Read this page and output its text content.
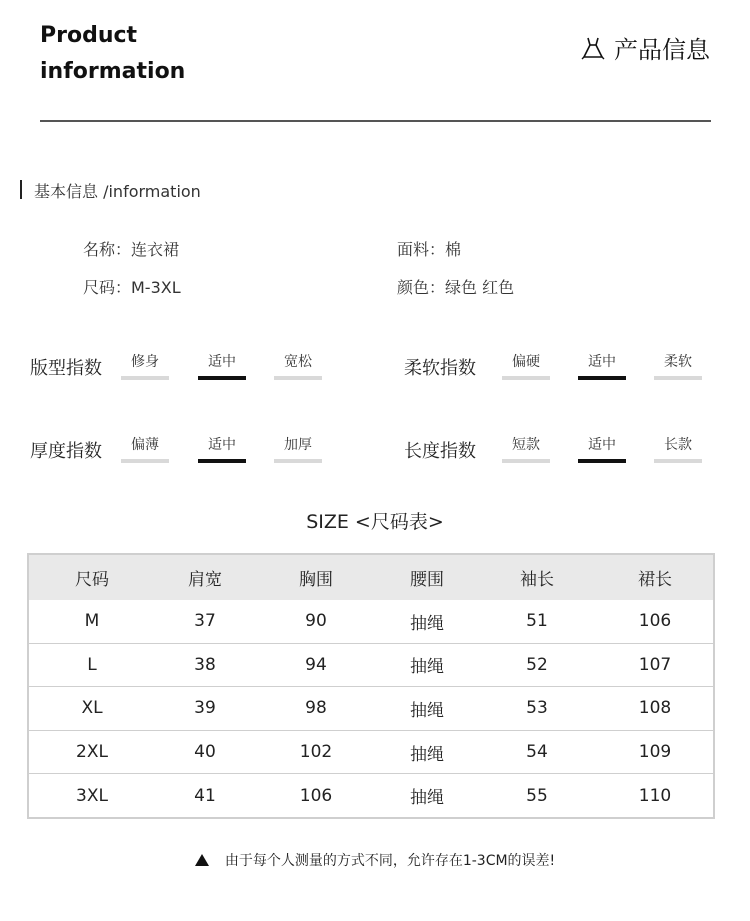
Product information
产品信息
基本信息 /information
名称：连衣裙	面料：棉
尺码：M-3XL	颜色：绿色 红色
版型指数	修身	适中	宽松	柔软指数	偏硬	适中	柔软
厚度指数	偏薄	适中	加厚	长度指数	短款	适中	长款
SIZE <尺码表>
尺码	肩宽	胸围	腰围	袖长	裙长
M	37	90	抽绳	51	106
L	38	94	抽绳	52	107
XL	39	98	抽绳	53	108
2XL	40	102	抽绳	54	109
3XL	41	106	抽绳	55	110
由于每个人测量的方式不同，允许存在1-3CM的误差!
